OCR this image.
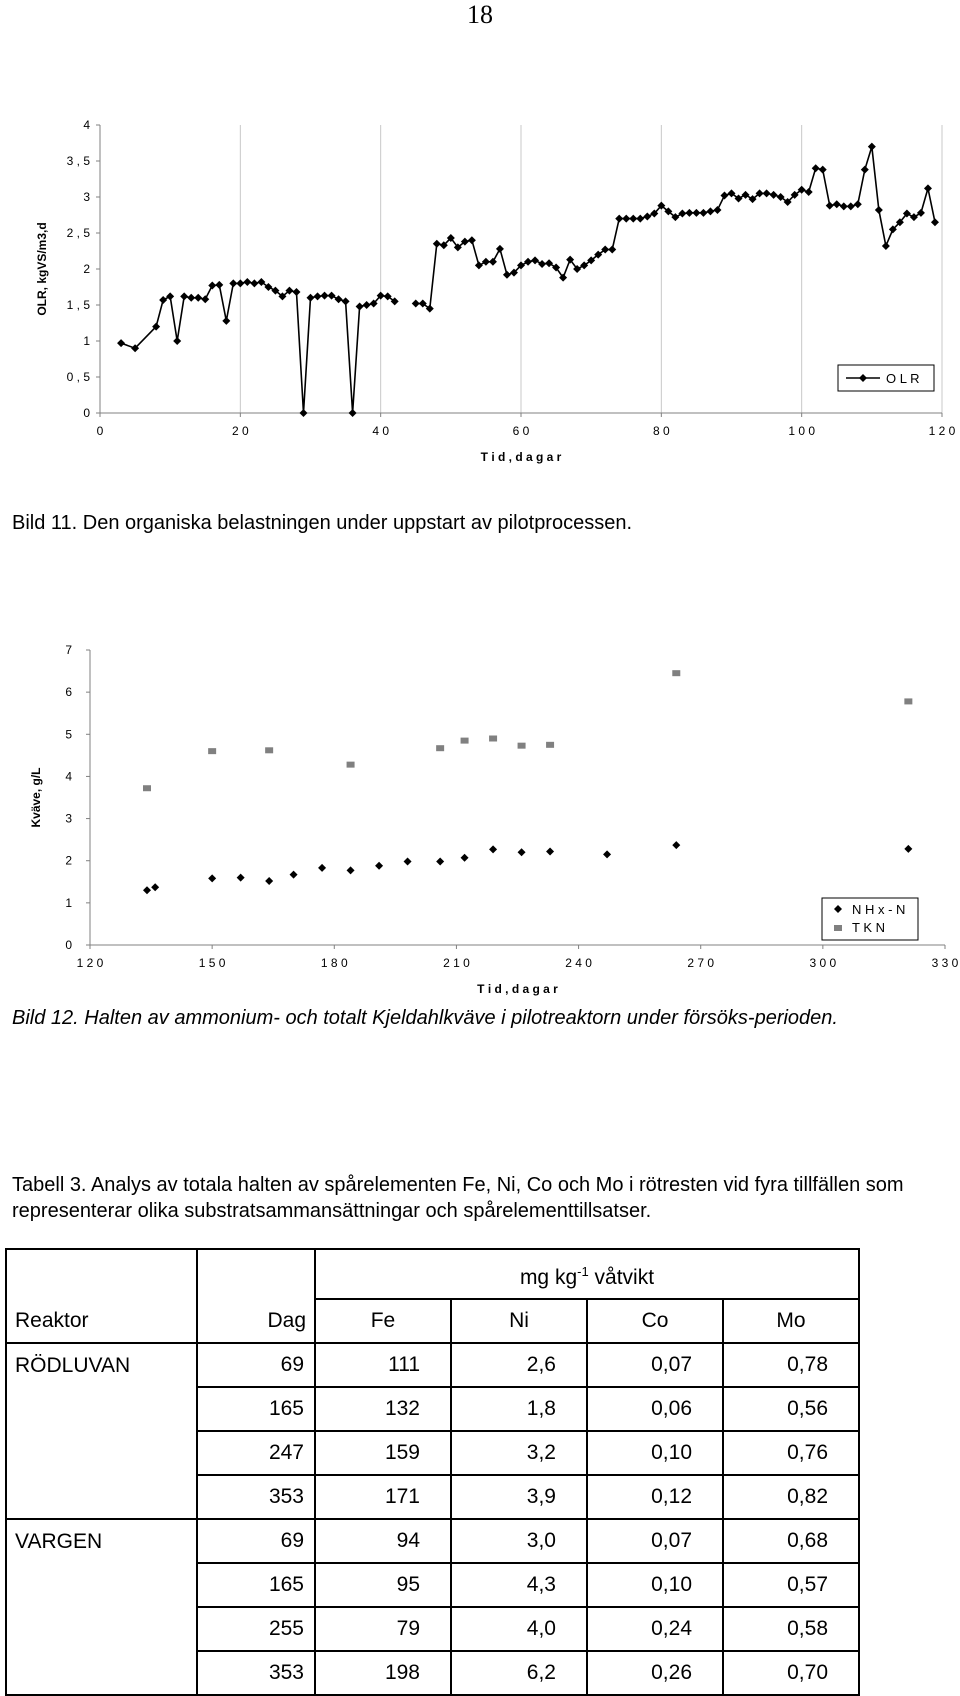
18
0
0 , 5
1
1 , 5
2
2 , 5
3
3 , 5
4
0	2 0	4 0	6 0	8 0	1 0 0	1 2 0
T i d , d a g a r
OLR, kgVS/m3,d
O L R
Bild 11. Den organiska belastningen under uppstart av pilotprocessen.
0
1
2
3
4
5
6
7
1 2 0	1 5 0	1 8 0	2 1 0	2 4 0	2 7 0	3 0 0	3 3 0
T i d , d a g a r
Kväve, g/L
N H x - N
T K N
Bild 12. Halten av ammonium- och totalt Kjeldahlkväve i pilotreaktorn under försöks-perioden.
Tabell 3. Analys av totala halten av spårelementen Fe, Ni, Co och Mo i rötresten vid fyra tillfällen som representerar olika substratsammansättningar och spårelementtillsatser.
		mg $kg^{-1}$ våtvikt			
Reaktor	Dag	Fe	Ni	Co	Mo
RÖDLUVAN	69	111	2,6	0,07	0,78
	165	132	1,8	0,06	0,56
	247	159	3,2	0,10	0,76
	353	171	3,9	0,12	0,82
VARGEN	69	94	3,0	0,07	0,68
	165	95	4,3	0,10	0,57
	255	79	4,0	0,24	0,58
	353	198	6,2	0,26	0,70
